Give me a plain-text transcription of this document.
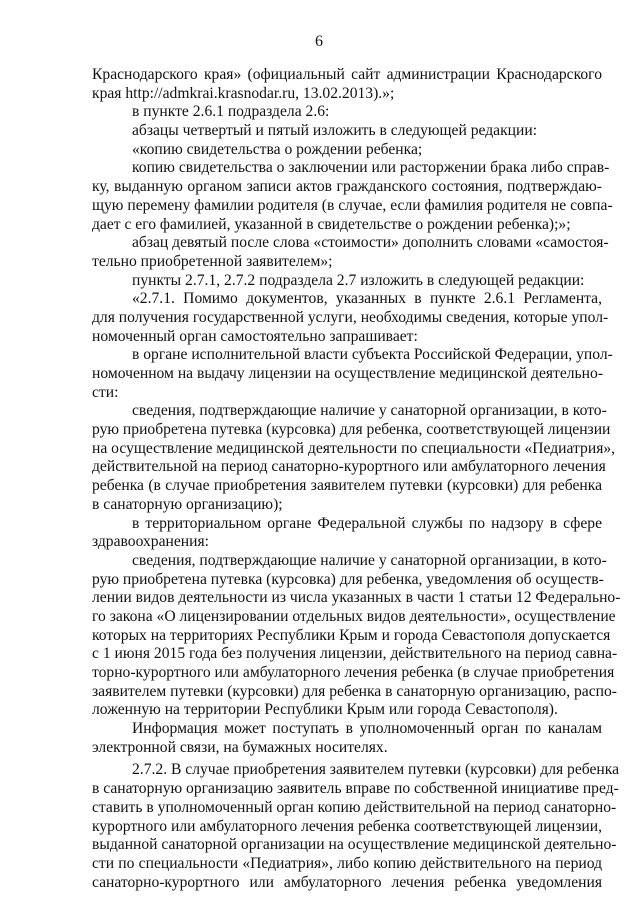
6
Краснодарского края» (официальный сайт администрации Краснодарского
края http://admkrai.krasnodar.ru, 13.02.2013).»;
в пункте 2.6.1 подраздела 2.6:
абзацы четвертый и пятый изложить в следующей редакции:
«копию свидетельства о рождении ребенка;
копию свидетельства о заключении или расторжении брака либо справ-
ку, выданную органом записи актов гражданского состояния, подтверждаю-
щую перемену фамилии родителя (в случае, если фамилия родителя не совпа-
дает с его фамилией, указанной в свидетельстве о рождении ребенка);»;
абзац девятый после слова «стоимости» дополнить словами «самостоя-
тельно приобретенной заявителем»;
пункты 2.7.1, 2.7.2 подраздела 2.7 изложить в следующей редакции:
«2.7.1. Помимо документов, указанных в пункте 2.6.1 Регламента,
для получения государственной услуги, необходимы сведения, которые упол-
номоченный орган самостоятельно запрашивает:
в органе исполнительной власти субъекта Российской Федерации, упол-
номоченном на выдачу лицензии на осуществление медицинской деятельно-
сти:
сведения, подтверждающие наличие у санаторной организации, в кото-
рую приобретена путевка (курсовка) для ребенка, соответствующей лицензии
на осуществление медицинской деятельности по специальности «Педиатрия»,
действительной на период санаторно-курортного или амбулаторного лечения
ребенка (в случае приобретения заявителем путевки (курсовки) для ребенка
в санаторную организацию);
в территориальном органе Федеральной службы по надзору в сфере
здравоохранения:
сведения, подтверждающие наличие у санаторной организации, в кото-
рую приобретена путевка (курсовка) для ребенка, уведомления об осуществ-
лении видов деятельности из числа указанных в части 1 статьи 12 Федерально-
го закона «О лицензировании отдельных видов деятельности», осуществление
которых на территориях Республики Крым и города Севастополя допускается
с 1 июня 2015 года без получения лицензии, действительного на период савна-
торно-курортного или амбулаторного лечения ребенка (в случае приобретения
заявителем путевки (курсовки) для ребенка в санаторную организацию, распо-
ложенную на территории Республики Крым или города Севастополя).
Информация может поступать в уполномоченный орган по каналам
электронной связи, на бумажных носителях.
2.7.2. В случае приобретения заявителем путевки (курсовки) для ребенка
в санаторную организацию заявитель вправе по собственной инициативе пред-
ставить в уполномоченный орган копию действительной на период санаторно-
курортного или амбулаторного лечения ребенка соответствующей лицензии,
выданной санаторной организации на осуществление медицинской деятельно-
сти по специальности «Педиатрия», либо копию действительного на период
санаторно-курортного или амбулаторного лечения ребенка уведомления
